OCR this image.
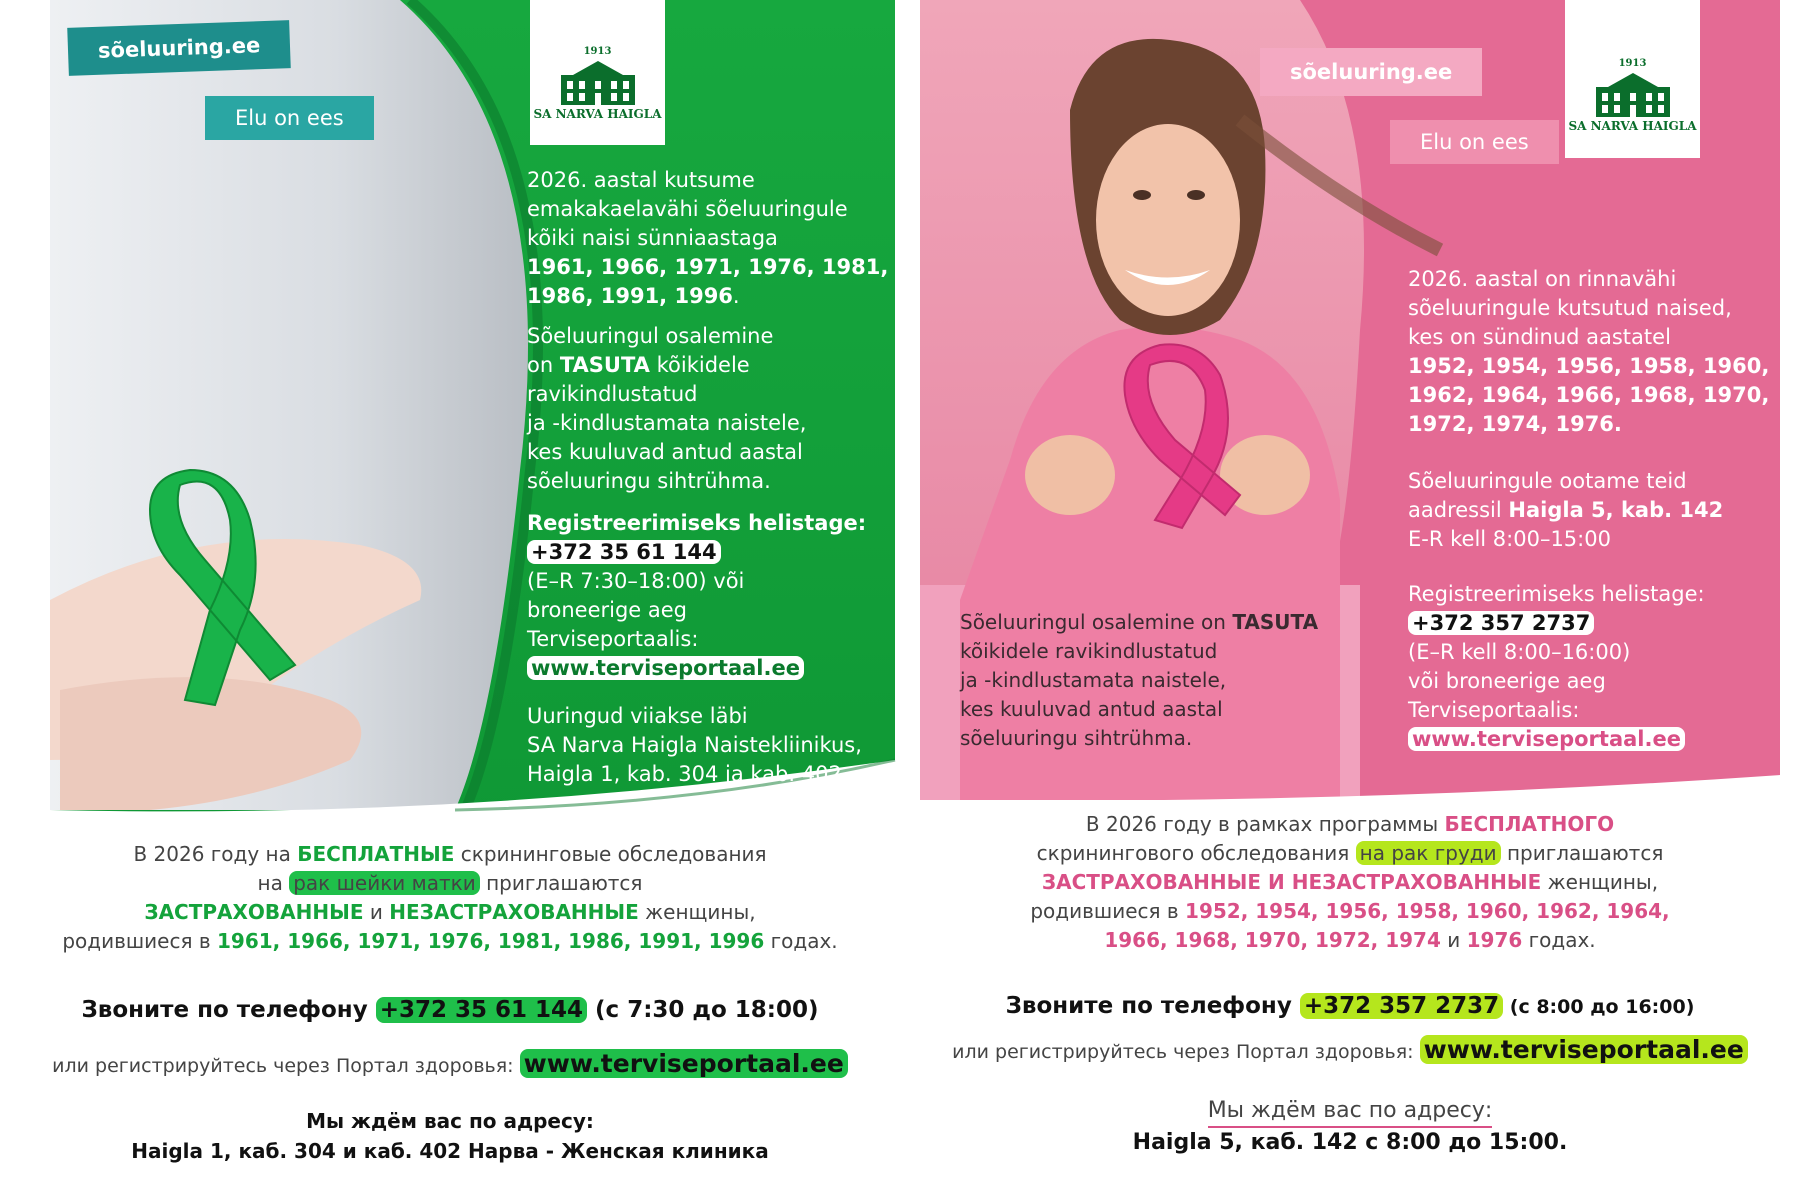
sõeluuring.ee
Elu on ees
1913
SA NARVA HAIGLA
2026. aastal kutsume
emakakaelavähi sõeluuringule
kõiki naisi sünniaastaga
1961, 1966, 1971, 1976, 1981,
1986, 1991, 1996.
Sõeluuringul osalemine
on TASUTA kõikidele
ravikindlustatud
ja -kindlustamata naistele,
kes kuuluvad antud aastal
sõeluuringu sihtrühma.
Registreerimiseks helistage:
+372 35 61 144
(E–R 7:30–18:00) või
broneerige aeg
Terviseportaalis:
www.terviseportaal.ee
Uuringud viiakse läbi
SA Narva Haigla Naistekliinikus,
Haigla 1, kab. 304 ja kab. 402
В 2026 году на БЕСПЛАТНЫЕ скрининговые обследования
на рак шейки матки приглашаются
ЗАСТРАХОВАННЫЕ и НЕЗАСТРАХОВАННЫЕ женщины,
родившиеся в 1961, 1966, 1971, 1976, 1981, 1986, 1991, 1996 годах.
Звоните по телефону +372 35 61 144 (с 7:30 до 18:00)
или регистрируйтесь через Портал здоровья: www.terviseportaal.ee
Мы ждём вас по адресу:
Haigla 1, каб. 304 и каб. 402 Нарва - Женская клиника
sõeluuring.ee
Elu on ees
1913
SA NARVA HAIGLA
2026. aastal on rinnavähi
sõeluuringule kutsutud naised,
kes on sündinud aastatel
1952, 1954, 1956, 1958, 1960,
1962, 1964, 1966, 1968, 1970,
1972, 1974, 1976.
Sõeluuringule ootame teid
aadressil Haigla 5, kab. 142
E-R kell 8:00–15:00
Registreerimiseks helistage:
+372 357 2737
(E–R kell 8:00–16:00)
või broneerige aeg
Terviseportaalis:
www.terviseportaal.ee
Sõeluuringul osalemine on TASUTA
kõikidele ravikindlustatud
ja -kindlustamata naistele,
kes kuuluvad antud aastal
sõeluuringu sihtrühma.
В 2026 году в рамках программы БЕСПЛАТНОГО
скринингового обследования на рак груди приглашаются
ЗАСТРАХОВАННЫЕ И НЕЗАСТРАХОВАННЫЕ женщины,
родившиеся в 1952, 1954, 1956, 1958, 1960, 1962, 1964,
1966, 1968, 1970, 1972, 1974 и 1976 годах.
Звоните по телефону +372 357 2737 (с 8:00 до 16:00)
или регистрируйтесь через Портал здоровья: www.terviseportaal.ee
Мы ждём вас по адресу:
Haigla 5, каб. 142 с 8:00 до 15:00.
